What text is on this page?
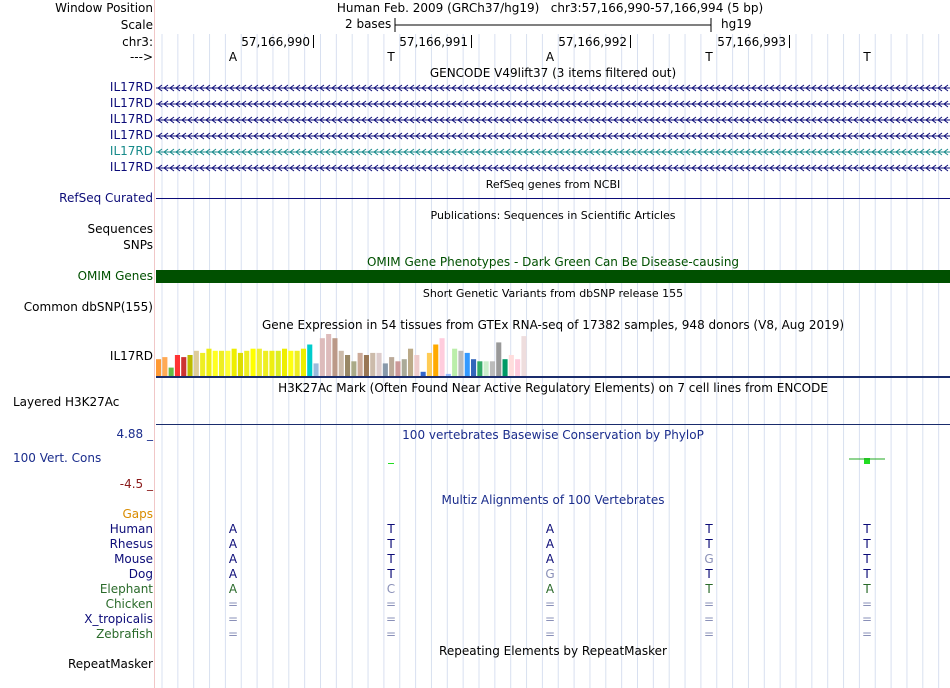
Window Position	Human Feb. 2009 (GRCh37/hg19)   chr3:57,166,990-57,166,994 (5 bp)
Scale	2 bases	hg19
chr3:	57,166,990	57,166,991	57,166,992	57,166,993
--->	A	T	A	T	T
GENCODE V49lift37 (3 items filtered out)
IL17RD
IL17RD
IL17RD
IL17RD
IL17RD
IL17RD
RefSeq genes from NCBI
RefSeq Curated
Publications: Sequences in Scientific Articles
Sequences
SNPs
OMIM Gene Phenotypes - Dark Green Can Be Disease-causing
OMIM Genes
Short Genetic Variants from dbSNP release 155
Common dbSNP(155)
Gene Expression in 54 tissues from GTEx RNA-seq of 17382 samples, 948 donors (V8, Aug 2019)
IL17RD
H3K27Ac Mark (Often Found Near Active Regulatory Elements) on 7 cell lines from ENCODE
Layered H3K27Ac
4.88 _	100 vertebrates Basewise Conservation by PhyloP
100 Vert. Cons
-4.5 _
Multiz Alignments of 100 Vertebrates
Gaps
Human	A	T	A	T	T
Rhesus	A	T	A	T	T
Mouse	A	T	A	G	T
Dog	A	T	G	T	T
Elephant	A	C	A	T	T
Chicken	=	=	=	=	=
X_tropicalis	=	=	=	=	=
Zebrafish	=	=	=	=	=
Repeating Elements by RepeatMasker
RepeatMasker
